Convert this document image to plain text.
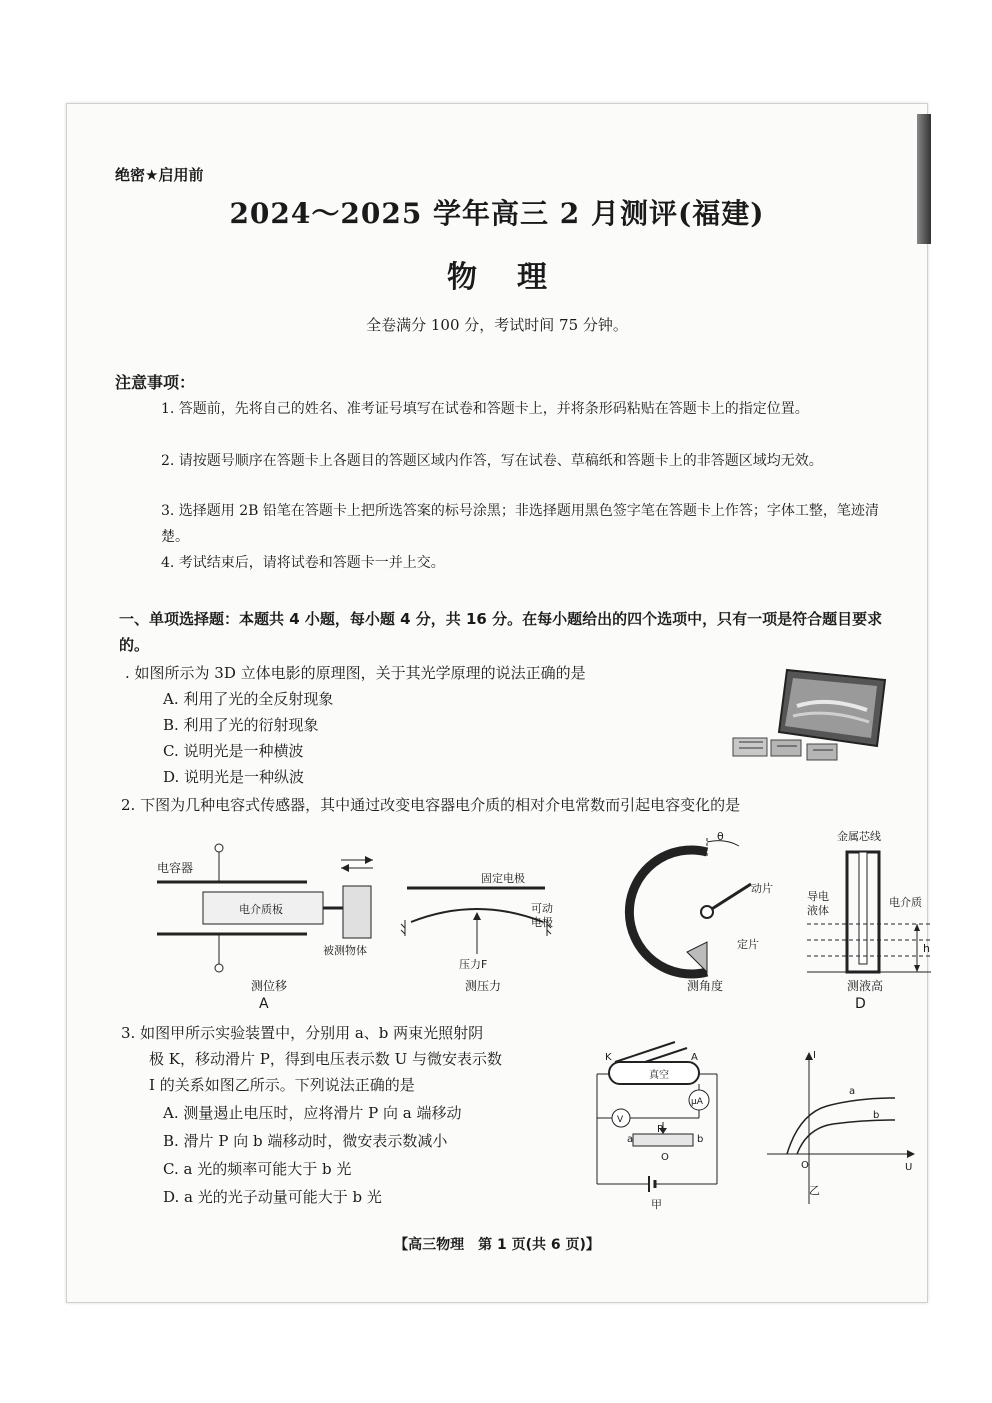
绝密★启用前
2024～2025 学年高三 2 月测评(福建)
物理
全卷满分 100 分，考试时间 75 分钟。
注意事项：
1. 答题前，先将自己的姓名、准考证号填写在试卷和答题卡上，并将条形码粘贴在答题卡上的指定位置。
2. 请按题号顺序在答题卡上各题目的答题区域内作答，写在试卷、草稿纸和答题卡上的非答题区域均无效。
3. 选择题用 2B 铅笔在答题卡上把所选答案的标号涂黑；非选择题用黑色签字笔在答题卡上作答；字体工整，笔迹清楚。
4. 考试结束后，请将试卷和答题卡一并上交。
一、单项选择题：本题共 4 小题，每小题 4 分，共 16 分。在每小题给出的四个选项中，只有一项是符合题目要求的。
. 如图所示为 3D 立体电影的原理图，关于其光学原理的说法正确的是
A. 利用了光的全反射现象
B. 利用了光的衍射现象
C. 说明光是一种横波
D. 说明光是一种纵波
2. 下图为几种电容式传感器，其中通过改变电容器电介质的相对介电常数而引起电容变化的是
电容器
电介质板
被测物体
测位移
A
固定电极
可动
电极
压力F
测压力
θ
动片
定片
测角度
金属芯线
导电
液体
电介质
h
测液高
D
3. 如图甲所示实验装置中，分别用 a、b 两束光照射阴
极 K，移动滑片 P，得到电压表示数 U 与微安表示数
I 的关系如图乙所示。下列说法正确的是
A. 测量遏止电压时，应将滑片 P 向 a 端移动
B. 滑片 P 向 b 端移动时，微安表示数减小
C. a 光的频率可能大于 b 光
D. a 光的光子动量可能大于 b 光
真空
K	A
μA
V
P
a	b
O
甲
I
U
O
a
b
乙
【高三物理　第 1 页(共 6 页)】
